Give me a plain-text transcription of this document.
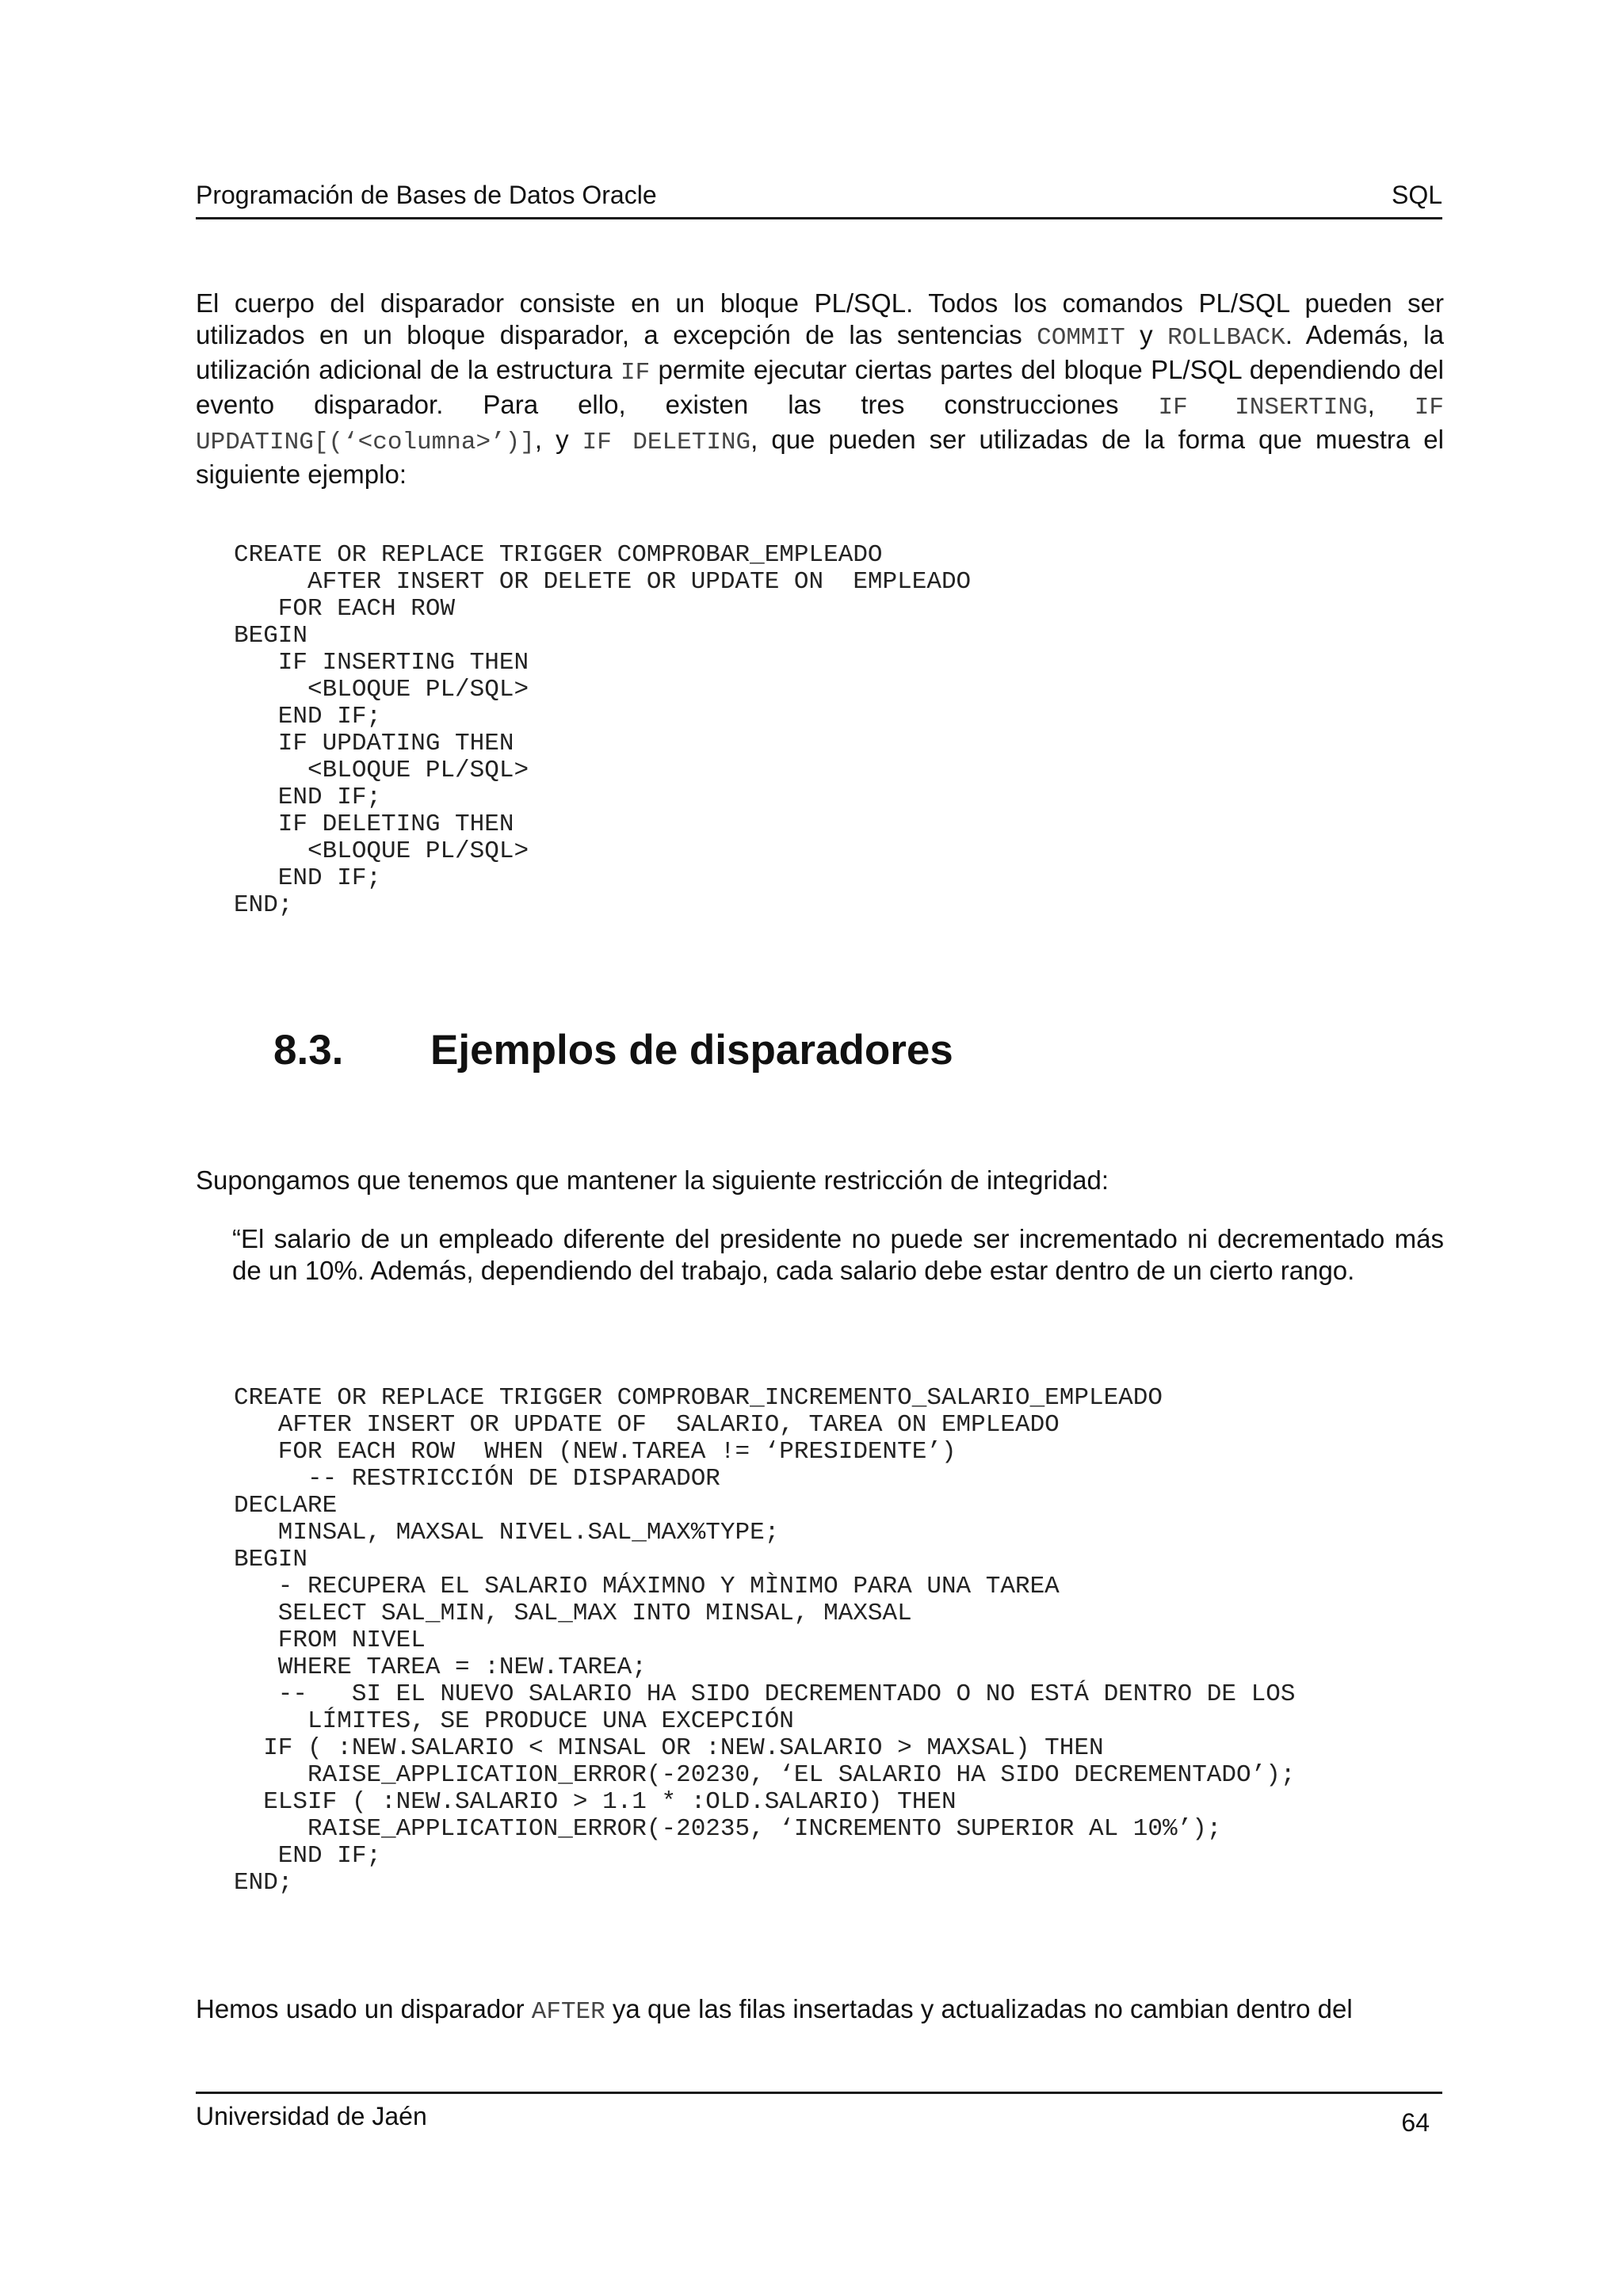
Programación de Bases de Datos Oracle	SQL

El cuerpo del disparador consiste en un bloque PL/SQL. Todos los comandos PL/SQL pueden ser utilizados en un bloque disparador, a excepción de las sentencias COMMIT y ROLLBACK. Además, la utilización adicional de la estructura IF permite ejecutar ciertas partes del bloque PL/SQL dependiendo del evento disparador. Para ello, existen las tres construcciones IF INSERTING, IF UPDATING[(‘<columna>’)], y IF DELETING, que pueden ser utilizadas de la forma que muestra el siguiente ejemplo:

CREATE OR REPLACE TRIGGER COMPROBAR_EMPLEADO
AFTER INSERT OR DELETE OR UPDATE ON  EMPLEADO
FOR EACH ROW
BEGIN
IF INSERTING THEN
<BLOQUE PL/SQL>
END IF;
IF UPDATING THEN
<BLOQUE PL/SQL>
END IF;
IF DELETING THEN
<BLOQUE PL/SQL>
END IF;
END;
8.3. Ejemplos de disparadores

Supongamos que tenemos que mantener la siguiente restricción de integridad:

“El salario de un empleado diferente del presidente no puede ser incrementado ni decrementado más de un 10%. Además, dependiendo del trabajo, cada salario debe estar dentro de un cierto rango.

CREATE OR REPLACE TRIGGER COMPROBAR_INCREMENTO_SALARIO_EMPLEADO
AFTER INSERT OR UPDATE OF  SALARIO, TAREA ON EMPLEADO
FOR EACH ROW  WHEN (NEW.TAREA != ‘PRESIDENTE’)
-- RESTRICCIÓN DE DISPARADOR
DECLARE
MINSAL, MAXSAL NIVEL.SAL_MAX%TYPE;
BEGIN
- RECUPERA EL SALARIO MÁXIMNO Y MÌNIMO PARA UNA TAREA
SELECT SAL_MIN, SAL_MAX INTO MINSAL, MAXSAL
FROM NIVEL
WHERE TAREA = :NEW.TAREA;
--   SI EL NUEVO SALARIO HA SIDO DECREMENTADO O NO ESTÁ DENTRO DE LOS
LÍMITES, SE PRODUCE UNA EXCEPCIÓN
IF ( :NEW.SALARIO < MINSAL OR :NEW.SALARIO > MAXSAL) THEN
RAISE_APPLICATION_ERROR(-20230, ‘EL SALARIO HA SIDO DECREMENTADO’);
ELSIF ( :NEW.SALARIO > 1.1 * :OLD.SALARIO) THEN
RAISE_APPLICATION_ERROR(-20235, ‘INCREMENTO SUPERIOR AL 10%’);
END IF;
END;

Hemos usado un disparador AFTER ya que las filas insertadas y actualizadas no cambian dentro del

Universidad de Jaén	64
